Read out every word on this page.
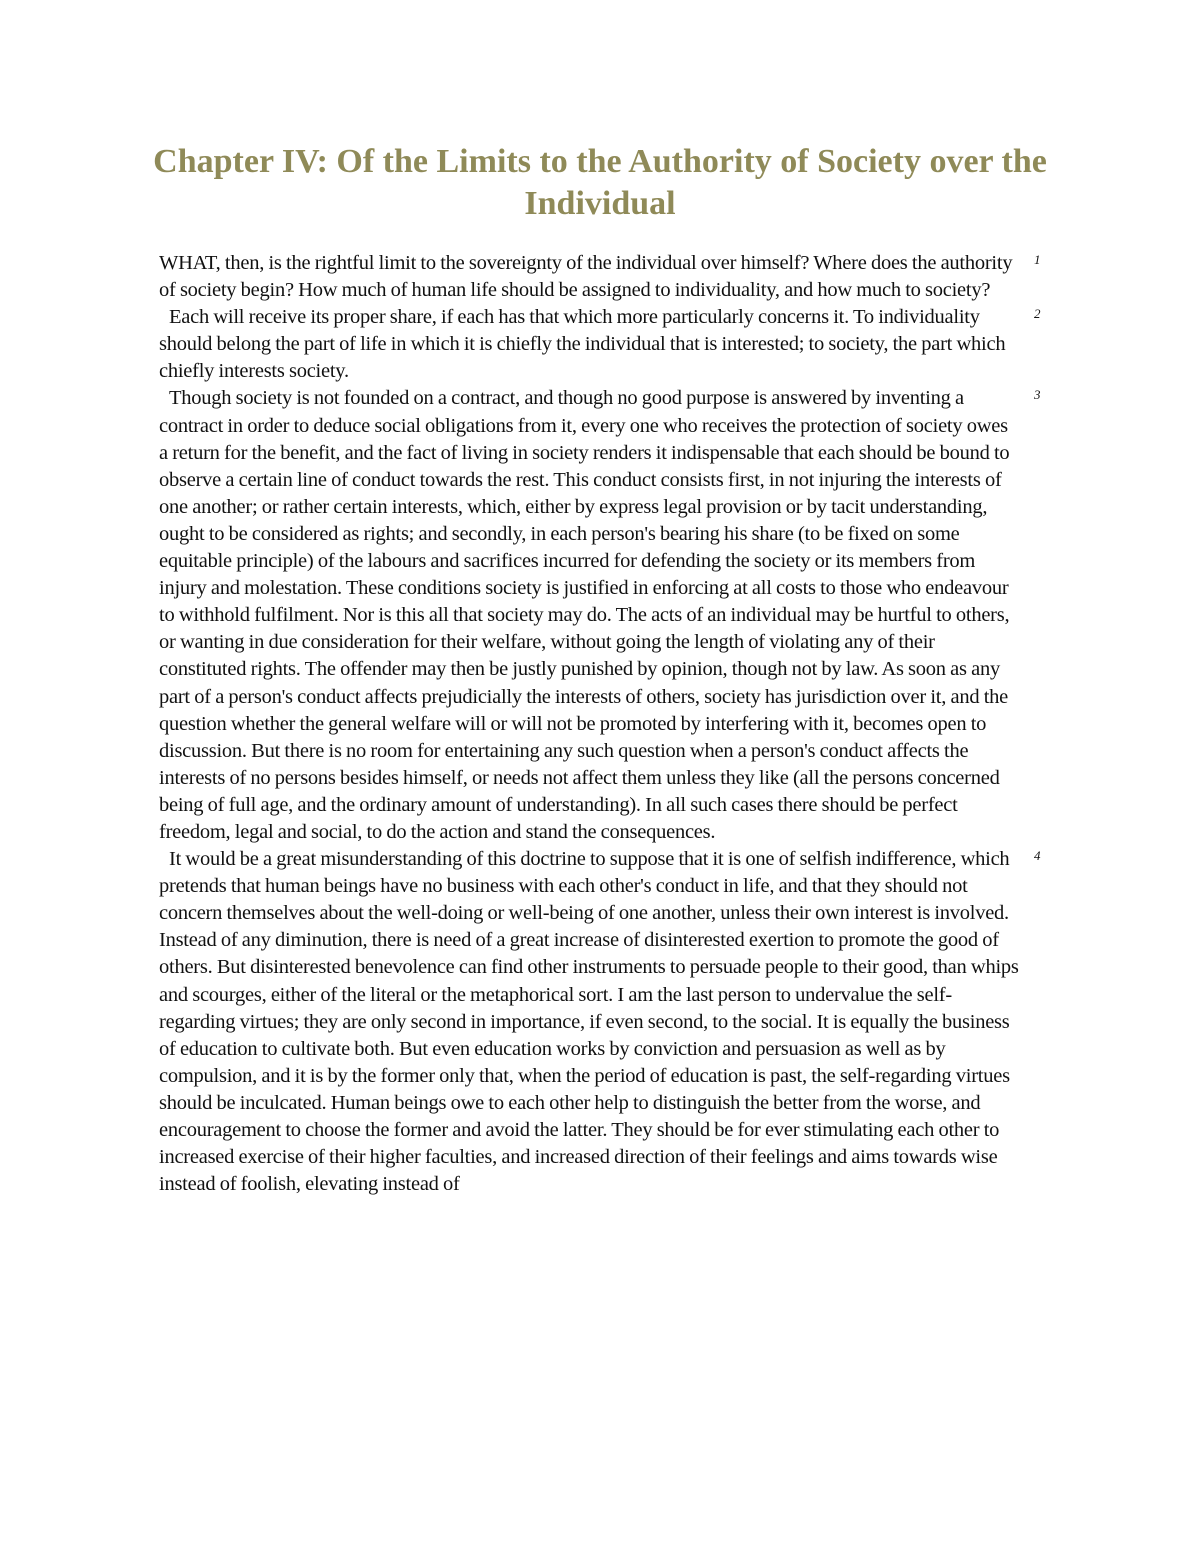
Chapter IV: Of the Limits to the Authority of Society over the Individual

WHAT, then, is the rightful limit to the sovereignty of the individual over himself? Where does the authority of society begin? How much of human life should be assigned to individuality, and how much to society?
1

Each will receive its proper share, if each has that which more particularly concerns it. To individuality should belong the part of life in which it is chiefly the individual that is interested; to society, the part which chiefly interests society.
2

Though society is not founded on a contract, and though no good purpose is answered by inventing a contract in order to deduce social obligations from it, every one who receives the protection of society owes a return for the benefit, and the fact of living in society renders it indispensable that each should be bound to observe a certain line of conduct towards the rest. This conduct consists first, in not injuring the interests of one another; or rather certain interests, which, either by express legal provision or by tacit understanding, ought to be considered as rights; and secondly, in each person's bearing his share (to be fixed on some equitable principle) of the labours and sacrifices incurred for defending the society or its members from injury and molestation. These conditions society is justified in enforcing at all costs to those who endeavour to withhold fulfilment. Nor is this all that society may do. The acts of an individual may be hurtful to others, or wanting in due consideration for their welfare, without going the length of violating any of their constituted rights. The offender may then be justly punished by opinion, though not by law. As soon as any part of a person's conduct affects prejudicially the interests of others, society has jurisdiction over it, and the question whether the general welfare will or will not be promoted by interfering with it, becomes open to discussion. But there is no room for entertaining any such question when a person's conduct affects the interests of no persons besides himself, or needs not affect them unless they like (all the persons concerned being of full age, and the ordinary amount of understanding). In all such cases there should be perfect freedom, legal and social, to do the action and stand the consequences.
3

It would be a great misunderstanding of this doctrine to suppose that it is one of selfish indifference, which pretends that human beings have no business with each other's conduct in life, and that they should not concern themselves about the well-doing or well-being of one another, unless their own interest is involved. Instead of any diminution, there is need of a great increase of disinterested exertion to promote the good of others. But disinterested benevolence can find other instruments to persuade people to their good, than whips and scourges, either of the literal or the metaphorical sort. I am the last person to undervalue the self-regarding virtues; they are only second in importance, if even second, to the social. It is equally the business of education to cultivate both. But even education works by conviction and persuasion as well as by compulsion, and it is by the former only that, when the period of education is past, the self-regarding virtues should be inculcated. Human beings owe to each other help to distinguish the better from the worse, and encouragement to choose the former and avoid the latter. They should be for ever stimulating each other to increased exercise of their higher faculties, and increased direction of their feelings and aims towards wise instead of foolish, elevating instead of
4
